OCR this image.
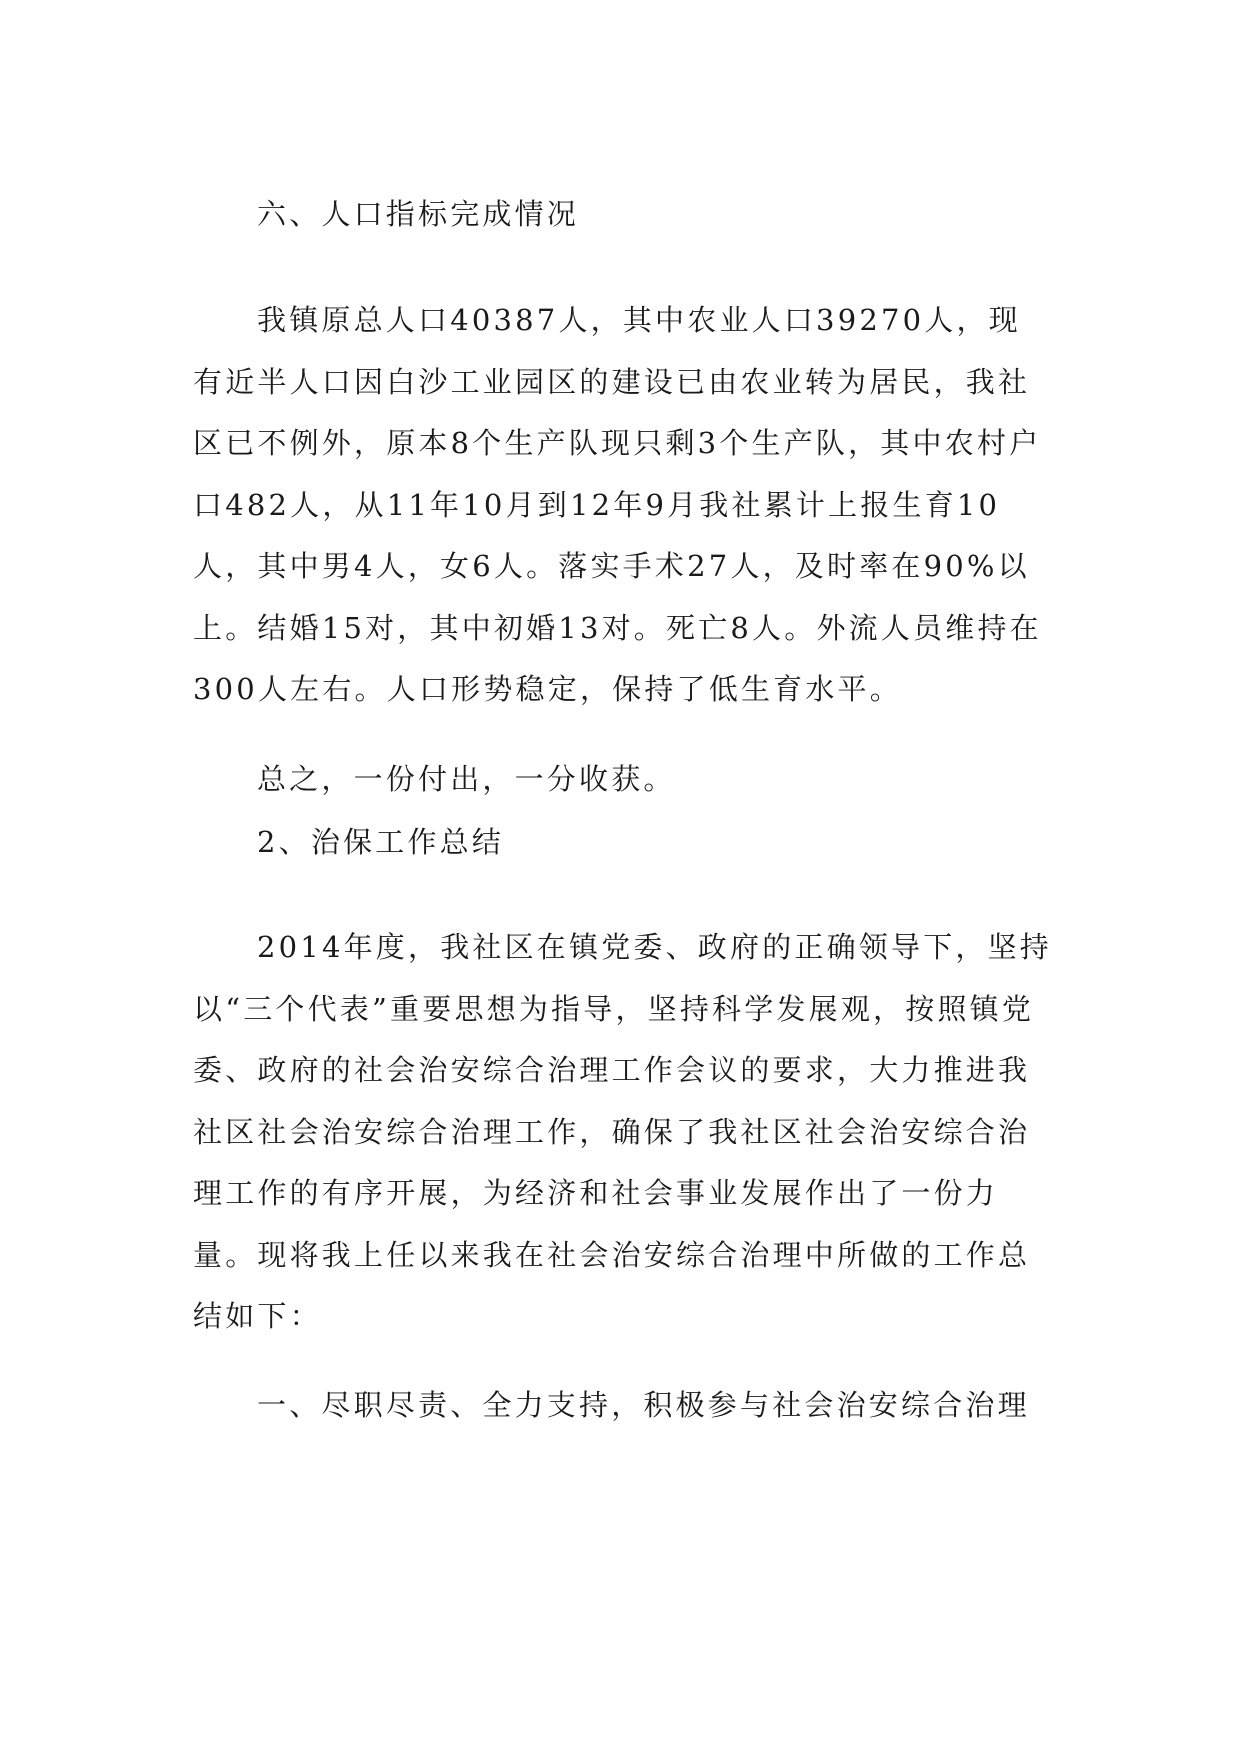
六、人口指标完成情况

我镇原总人口40387人，其中农业人口39270人，现有近半人口因白沙工业园区的建设已由农业转为居民，我社区已不例外，原本8个生产队现只剩3个生产队，其中农村户口482人，从11年10月到12年9月我社累计上报生育10人，其中男4人，女6人。落实手术27人，及时率在90%以上。结婚15对，其中初婚13对。死亡8人。外流人员维持在300人左右。人口形势稳定，保持了低生育水平。

总之，一份付出，一分收获。

2、治保工作总结

2014年度，我社区在镇党委、政府的正确领导下，坚持以“三个代表”重要思想为指导，坚持科学发展观，按照镇党委、政府的社会治安综合治理工作会议的要求，大力推进我社区社会治安综合治理工作，确保了我社区社会治安综合治理工作的有序开展，为经济和社会事业发展作出了一份力量。现将我上任以来我在社会治安综合治理中所做的工作总结如下：

一、尽职尽责、全力支持，积极参与社会治安综合治理
